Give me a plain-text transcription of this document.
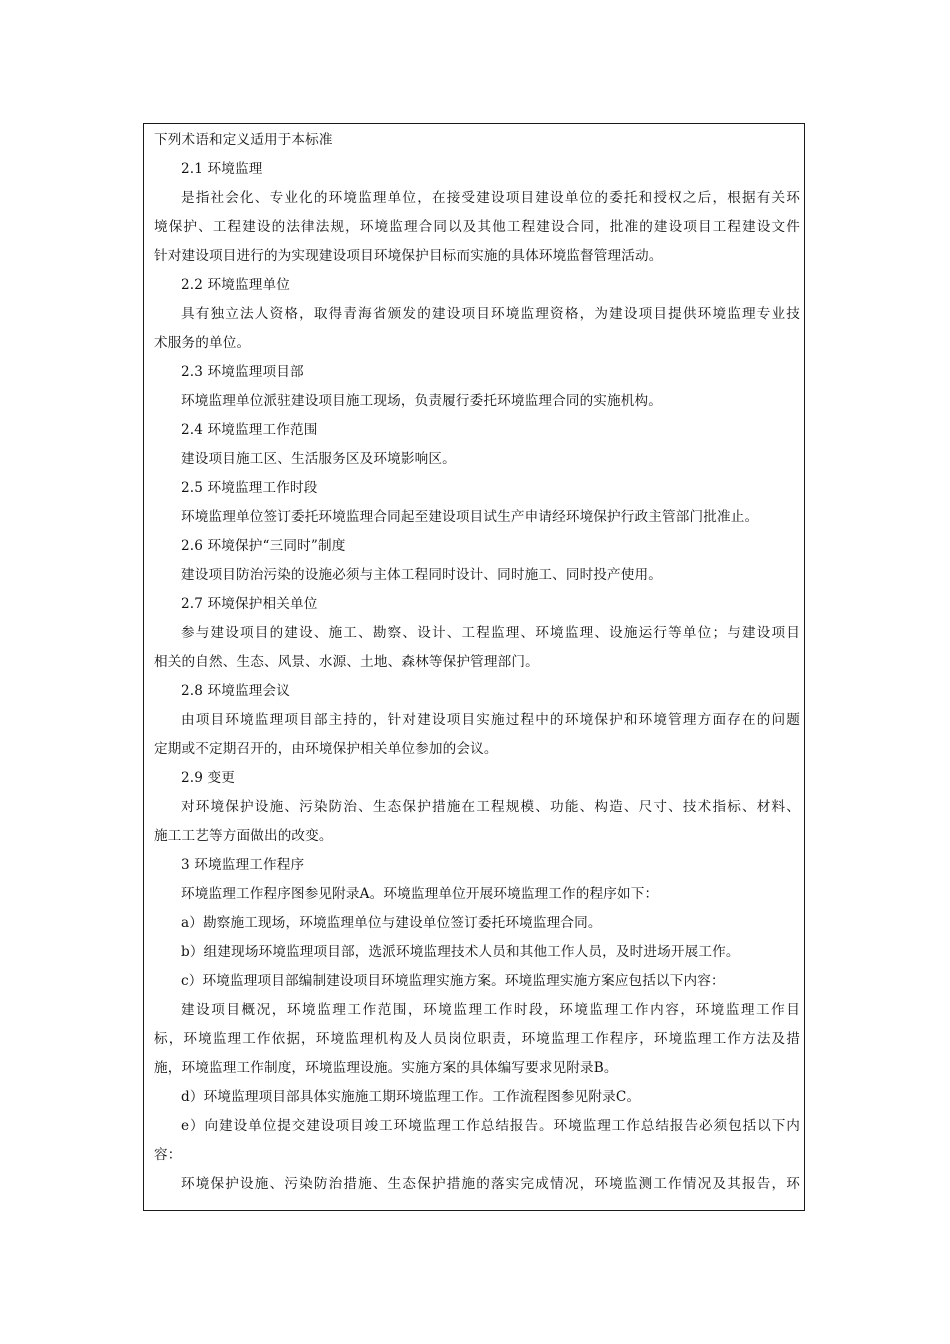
下列术语和定义适用于本标准
2.1 环境监理
是指社会化、专业化的环境监理单位，在接受建设项目建设单位的委托和授权之后，根据有关环
境保护、工程建设的法律法规，环境监理合同以及其他工程建设合同，批准的建设项目工程建设文件
针对建设项目进行的为实现建设项目环境保护目标而实施的具体环境监督管理活动。
2.2 环境监理单位
具有独立法人资格，取得青海省颁发的建设项目环境监理资格，为建设项目提供环境监理专业技
术服务的单位。
2.3 环境监理项目部
环境监理单位派驻建设项目施工现场，负责履行委托环境监理合同的实施机构。
2.4 环境监理工作范围
建设项目施工区、生活服务区及环境影响区。
2.5 环境监理工作时段
环境监理单位签订委托环境监理合同起至建设项目试生产申请经环境保护行政主管部门批准止。
2.6 环境保护“三同时”制度
建设项目防治污染的设施必须与主体工程同时设计、同时施工、同时投产使用。
2.7 环境保护相关单位
参与建设项目的建设、施工、勘察、设计、工程监理、环境监理、设施运行等单位；与建设项目
相关的自然、生态、风景、水源、土地、森林等保护管理部门。
2.8 环境监理会议
由项目环境监理项目部主持的，针对建设项目实施过程中的环境保护和环境管理方面存在的问题
定期或不定期召开的，由环境保护相关单位参加的会议。
2.9 变更
对环境保护设施、污染防治、生态保护措施在工程规模、功能、构造、尺寸、技术指标、材料、
施工工艺等方面做出的改变。
3 环境监理工作程序
环境监理工作程序图参见附录A。环境监理单位开展环境监理工作的程序如下：
a）勘察施工现场，环境监理单位与建设单位签订委托环境监理合同。
b）组建现场环境监理项目部，选派环境监理技术人员和其他工作人员，及时进场开展工作。
c）环境监理项目部编制建设项目环境监理实施方案。环境监理实施方案应包括以下内容：
建设项目概况，环境监理工作范围，环境监理工作时段，环境监理工作内容，环境监理工作目
标，环境监理工作依据，环境监理机构及人员岗位职责，环境监理工作程序，环境监理工作方法及措
施，环境监理工作制度，环境监理设施。实施方案的具体编写要求见附录B。
d）环境监理项目部具体实施施工期环境监理工作。工作流程图参见附录C。
e）向建设单位提交建设项目竣工环境监理工作总结报告。环境监理工作总结报告必须包括以下内
容：
环境保护设施、污染防治措施、生态保护措施的落实完成情况，环境监测工作情况及其报告，环
